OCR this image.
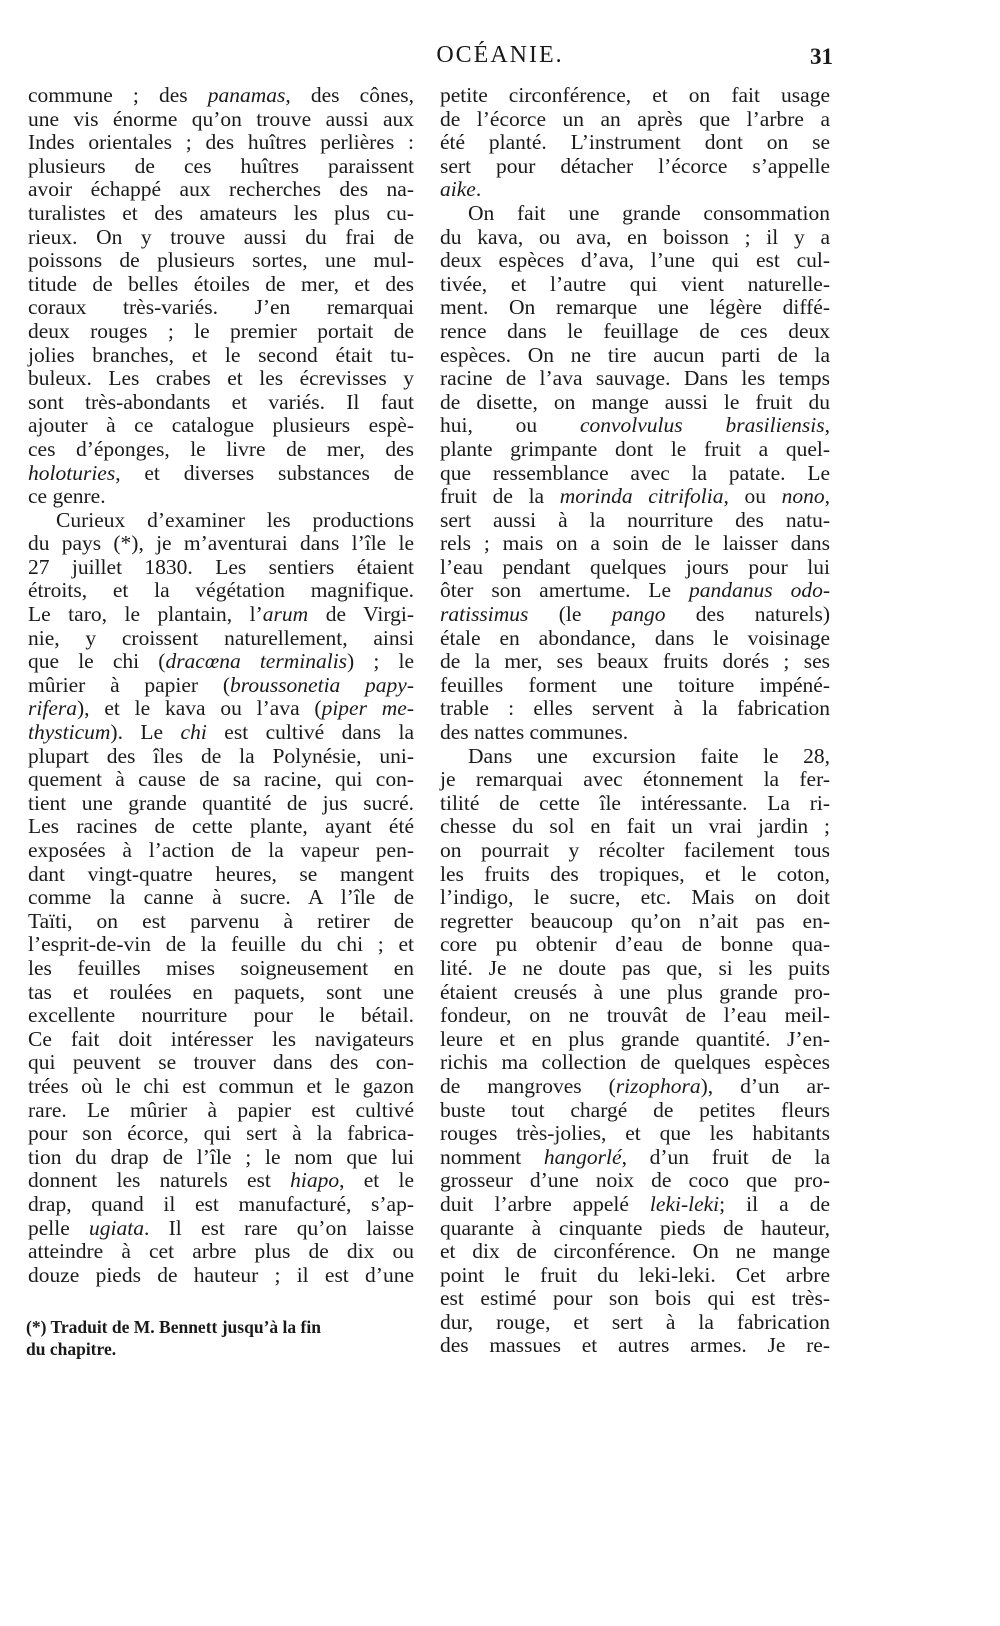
OCÉANIE.	31
commune ; des panamas, des cônes,
une vis énorme qu’on trouve aussi aux
Indes orientales ; des huîtres perlières :
plusieurs de ces huîtres paraissent
avoir échappé aux recherches des na-
turalistes et des amateurs les plus cu-
rieux. On y trouve aussi du frai de
poissons de plusieurs sortes, une mul-
titude de belles étoiles de mer, et des
coraux très-variés. J’en remarquai
deux rouges ; le premier portait de
jolies branches, et le second était tu-
buleux. Les crabes et les écrevisses y
sont très-abondants et variés. Il faut
ajouter à ce catalogue plusieurs espè-
ces d’éponges, le livre de mer, des
holoturies, et diverses substances de
ce genre.
Curieux d’examiner les productions
du pays (*), je m’aventurai dans l’île le
27 juillet 1830. Les sentiers étaient
étroits, et la végétation magnifique.
Le taro, le plantain, l’arum de Virgi-
nie, y croissent naturellement, ainsi
que le chi (dracœna terminalis) ; le
mûrier à papier (broussonetia papy-
rifera), et le kava ou l’ava (piper me-
thysticum). Le chi est cultivé dans la
plupart des îles de la Polynésie, uni-
quement à cause de sa racine, qui con-
tient une grande quantité de jus sucré.
Les racines de cette plante, ayant été
exposées à l’action de la vapeur pen-
dant vingt-quatre heures, se mangent
comme la canne à sucre. A l’île de
Taïti, on est parvenu à retirer de
l’esprit-de-vin de la feuille du chi ; et
les feuilles mises soigneusement en
tas et roulées en paquets, sont une
excellente nourriture pour le bétail.
Ce fait doit intéresser les navigateurs
qui peuvent se trouver dans des con-
trées où le chi est commun et le gazon
rare. Le mûrier à papier est cultivé
pour son écorce, qui sert à la fabrica-
tion du drap de l’île ; le nom que lui
donnent les naturels est hiapo, et le
drap, quand il est manufacturé, s’ap-
pelle ugiata. Il est rare qu’on laisse
atteindre à cet arbre plus de dix ou
douze pieds de hauteur ; il est d’une
petite circonférence, et on fait usage
de l’écorce un an après que l’arbre a
été planté. L’instrument dont on se
sert pour détacher l’écorce s’appelle
aike.
On fait une grande consommation
du kava, ou ava, en boisson ; il y a
deux espèces d’ava, l’une qui est cul-
tivée, et l’autre qui vient naturelle-
ment. On remarque une légère diffé-
rence dans le feuillage de ces deux
espèces. On ne tire aucun parti de la
racine de l’ava sauvage. Dans les temps
de disette, on mange aussi le fruit du
hui, ou convolvulus brasiliensis,
plante grimpante dont le fruit a quel-
que ressemblance avec la patate. Le
fruit de la morinda citrifolia, ou nono,
sert aussi à la nourriture des natu-
rels ; mais on a soin de le laisser dans
l’eau pendant quelques jours pour lui
ôter son amertume. Le pandanus odo-
ratissimus (le pango des naturels)
étale en abondance, dans le voisinage
de la mer, ses beaux fruits dorés ; ses
feuilles forment une toiture impéné-
trable : elles servent à la fabrication
des nattes communes.
Dans une excursion faite le 28,
je remarquai avec étonnement la fer-
tilité de cette île intéressante. La ri-
chesse du sol en fait un vrai jardin ;
on pourrait y récolter facilement tous
les fruits des tropiques, et le coton,
l’indigo, le sucre, etc. Mais on doit
regretter beaucoup qu’on n’ait pas en-
core pu obtenir d’eau de bonne qua-
lité. Je ne doute pas que, si les puits
étaient creusés à une plus grande pro-
fondeur, on ne trouvât de l’eau meil-
leure et en plus grande quantité. J’en-
richis ma collection de quelques espèces
de mangroves (rizophora), d’un ar-
buste tout chargé de petites fleurs
rouges très-jolies, et que les habitants
nomment hangorlé, d’un fruit de la
grosseur d’une noix de coco que pro-
duit l’arbre appelé leki-leki; il a de
quarante à cinquante pieds de hauteur,
et dix de circonférence. On ne mange
point le fruit du leki-leki. Cet arbre
est estimé pour son bois qui est très-
dur, rouge, et sert à la fabrication
des massues et autres armes. Je re-
(*) Traduit de M. Bennett jusqu’à la fin
du chapitre.
